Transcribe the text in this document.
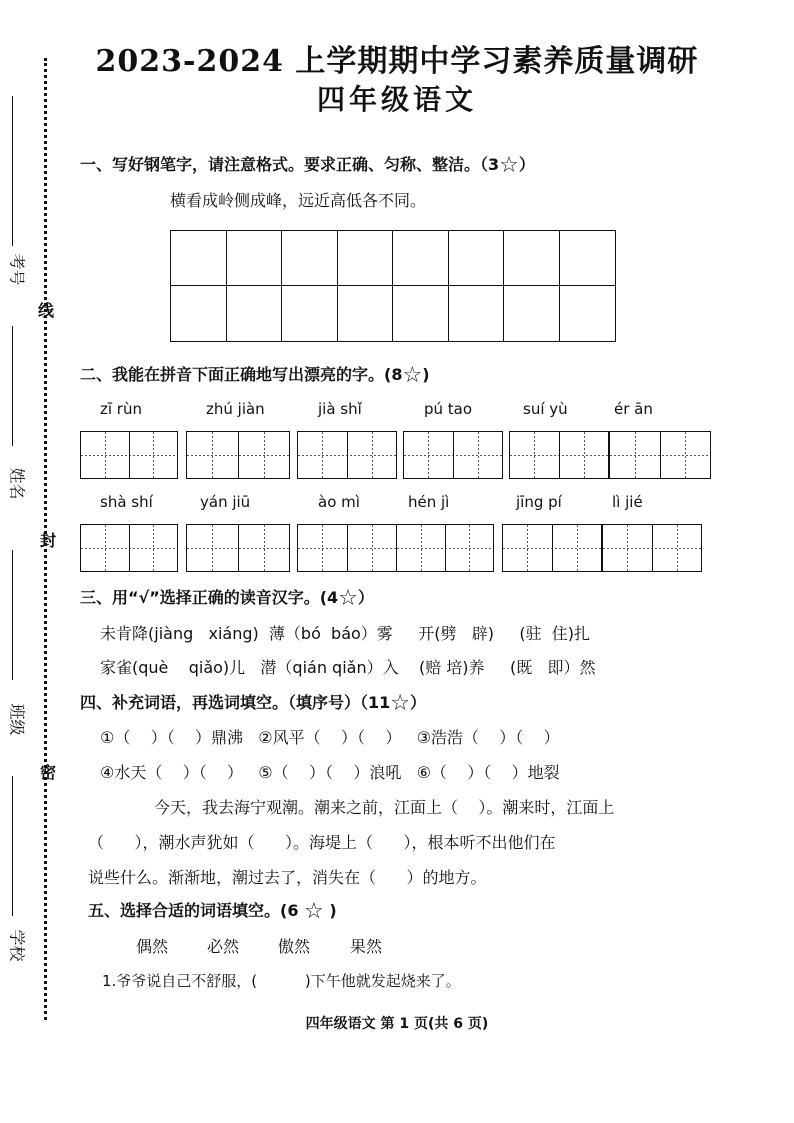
线
封
密
考号
姓名
班级
学校
2023-2024 上学期期中学习素养质量调研
四年级语文
一、写好钢笔字，请注意格式。要求正确、匀称、整洁。（3☆）
横看成岭侧成峰，远近高低各不同。
二、我能在拼音下面正确地写出漂亮的字。(8☆)
zī rùn	zhú jiàn	jià shǐ	pú tao	suí yù	ér ān
shà shí	yán jiū	ào mì	hén jì	jīng pí	lì jié
三、用“√”选择正确的读音汉字。(4☆）
未肯降(jiàng   xiáng)  薄（bó  báo）雾     开(劈   辟)     (驻  住)扎
家雀(què    qiǎo)儿   潜（qián qiǎn）入    (赔 培)养     (既   即）然
四、补充词语，再选词填空。（填序号）（11☆）
①（    ）（    ）鼎沸   ②风平（    ）（    ）   ③浩浩（    ）（    ）
④水天（    ）（    ）   ⑤（    ）（    ）浪吼   ⑥（    ）（    ）地裂
今天，我去海宁观潮。潮来之前，江面上（    ）。潮来时，江面上
（      ），潮水声犹如（      ）。海堤上（      ），根本听不出他们在
说些什么。渐渐地，潮过去了，消失在（      ）的地方。
五、选择合适的词语填空。(6 ☆ )
偶然 必然 傲然 果然
1.爷爷说自己不舒服，(          )下午他就发起烧来了。
四年级语文 第 1 页(共 6 页)
